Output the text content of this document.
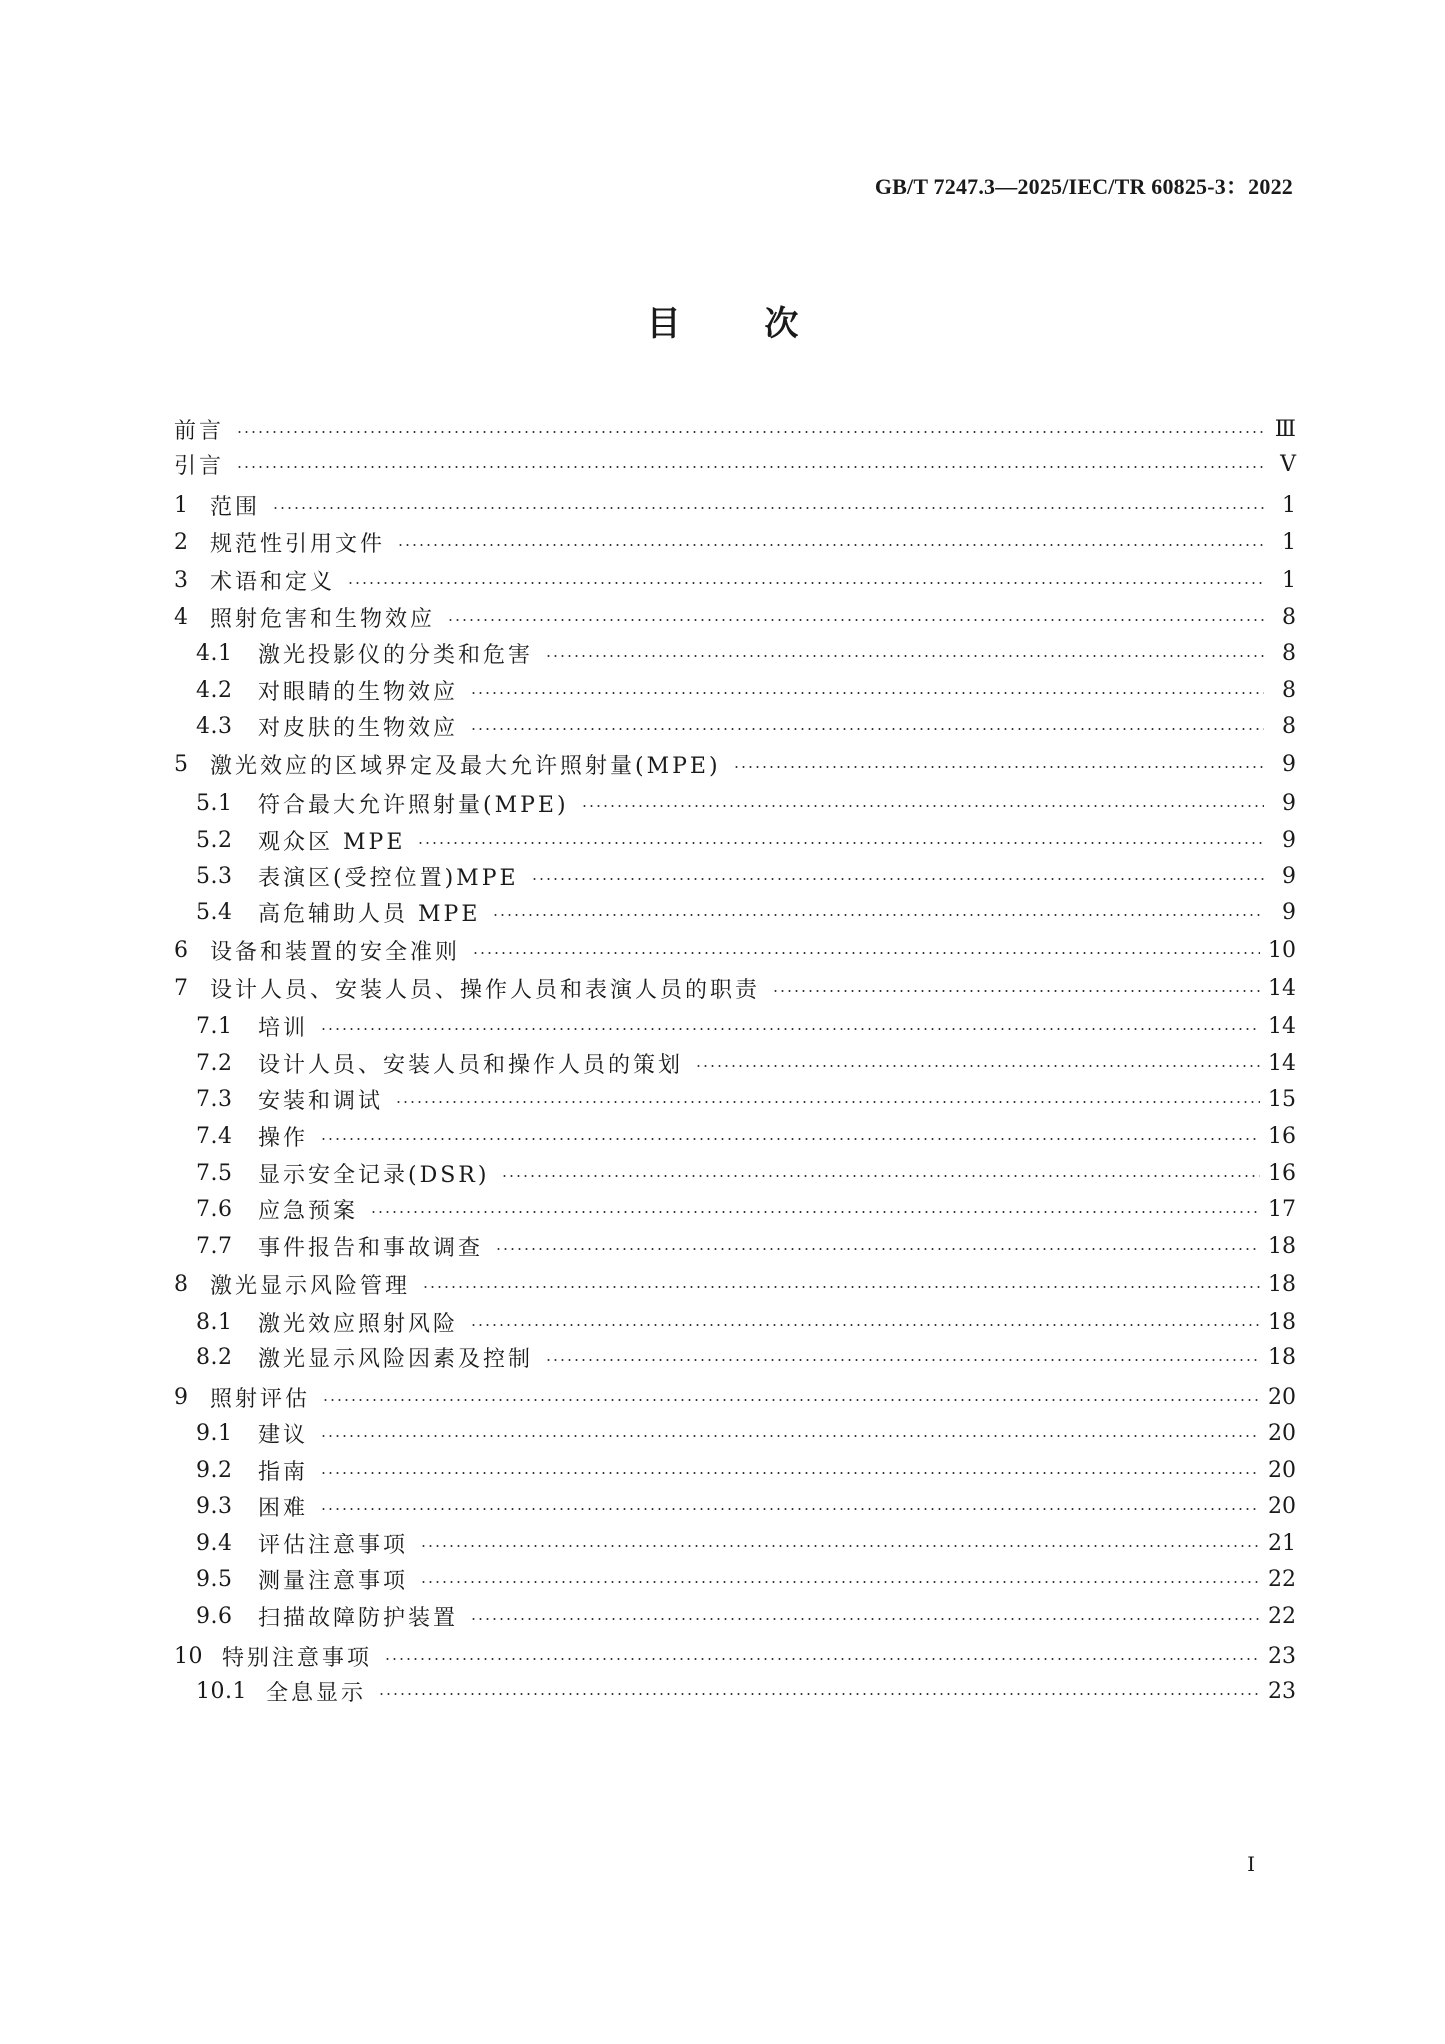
GB/T 7247.3—2025/IEC/TR 60825-3：2022
目 次
前言	Ⅲ
引言	Ⅴ
1 范围	1
2 规范性引用文件	1
3 术语和定义	1
4 照射危害和生物效应	8
4.1	激光投影仪的分类和危害	8
4.2	对眼睛的生物效应	8
4.3	对皮肤的生物效应	8
5 激光效应的区域界定及最大允许照射量(MPE)	9
5.1	符合最大允许照射量(MPE)	9
5.2	观众区 MPE	9
5.3	表演区(受控位置)MPE	9
5.4	高危辅助人员 MPE	9
6 设备和装置的安全准则	10
7 设计人员、安装人员、操作人员和表演人员的职责	14
7.1	培训	14
7.2	设计人员、安装人员和操作人员的策划	14
7.3	安装和调试	15
7.4	操作	16
7.5	显示安全记录(DSR)	16
7.6	应急预案	17
7.7	事件报告和事故调查	18
8 激光显示风险管理	18
8.1	激光效应照射风险	18
8.2	激光显示风险因素及控制	18
9 照射评估	20
9.1	建议	20
9.2	指南	20
9.3	困难	20
9.4	评估注意事项	21
9.5	测量注意事项	22
9.6	扫描故障防护装置	22
10 特别注意事项	23
10.1 全息显示	23
Ⅰ
